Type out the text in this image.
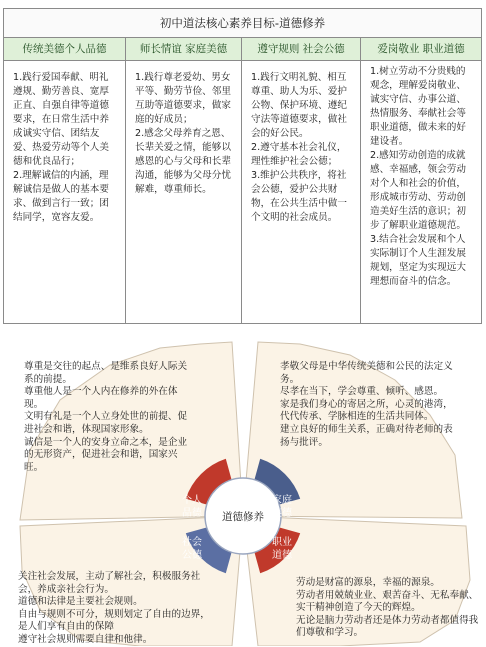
初中道法核心素养目标-道德修养
传统美德个人品德
1.践行爱国奉献、明礼遵规、勤劳善良、宽厚正直、自强自律等道德要求，在日常生活中养成诚实守信、团结友爱、热爱劳动等个人美德和优良品行；
2.理解诚信的内涵，理解诚信是做人的基本要求、做到言行一致；团结同学，宽容友爱。
师长情谊 家庭美德
1.践行尊老爱幼、男女平等、勤劳节俭、邻里互助等道德要求，做家庭的好成员；
2.感念父母养育之恩、长辈关爱之情，能够以感恩的心与父母和长辈沟通，能够为父母分忧解难，尊重师长。
遵守规则 社会公德
1.践行文明礼貌、相互尊重、助人为乐、爱护公物、保护环境、遵纪守法等道德要求，做社会的好公民。
2.遵守基本社会礼仪，理性维护社会公德；
3.维护公共秩序，将社会公德，爱护公共财物，在公共生活中做一个文明的社会成员。
爱岗敬业 职业道德
1.树立劳动不分贵贱的观念，理解爱岗敬业、诚实守信、办事公道、热情服务、奉献社会等职业道德，做未来的好建设者。
2.感知劳动创造的成就感、幸福感，领会劳动对个人和社会的价值，形成城市劳动、劳动创造美好生活的意识；初步了解职业道德规范。
3.结合社会发展和个人实际制订个人生涯发展规划，坚定为实现远大理想而奋斗的信念。
尊重是交往的起点、是维系良好人际关系的前提。
尊重他人是一个人内在修养的外在体现。
文明有礼是一个人立身处世的前提、促进社会和谐，体现国家形象。
诚信是一个人的安身立命之本，是企业的无形资产，促进社会和谐，国家兴旺。
孝敬父母是中华传统美德和公民的法定义务。
尽孝在当下，学会尊重、倾听、感恩。
家是我们身心的寄居之所，心灵的港湾，代代传承、学脉相连的生活共同体。
建立良好的师生关系，正确对待老师的表扬与批评。
关注社会发展，主动了解社会，积极服务社会，养成亲社会行为。
道德和法律是主要社会规则。
自由与规则不可分，规则划定了自由的边界，是人们享有自由的保障
遵守社会规则需要自律和他律。
劳动是财富的源泉，幸福的源泉。
劳动者用兢兢业业、艰苦奋斗、无私奉献、实干精神创造了今天的辉煌。
无论是脑力劳动者还是体力劳动者都值得我们尊敬和学习。
个人
品德
家庭
美德
社会
公德
职业
道德
道德修养
